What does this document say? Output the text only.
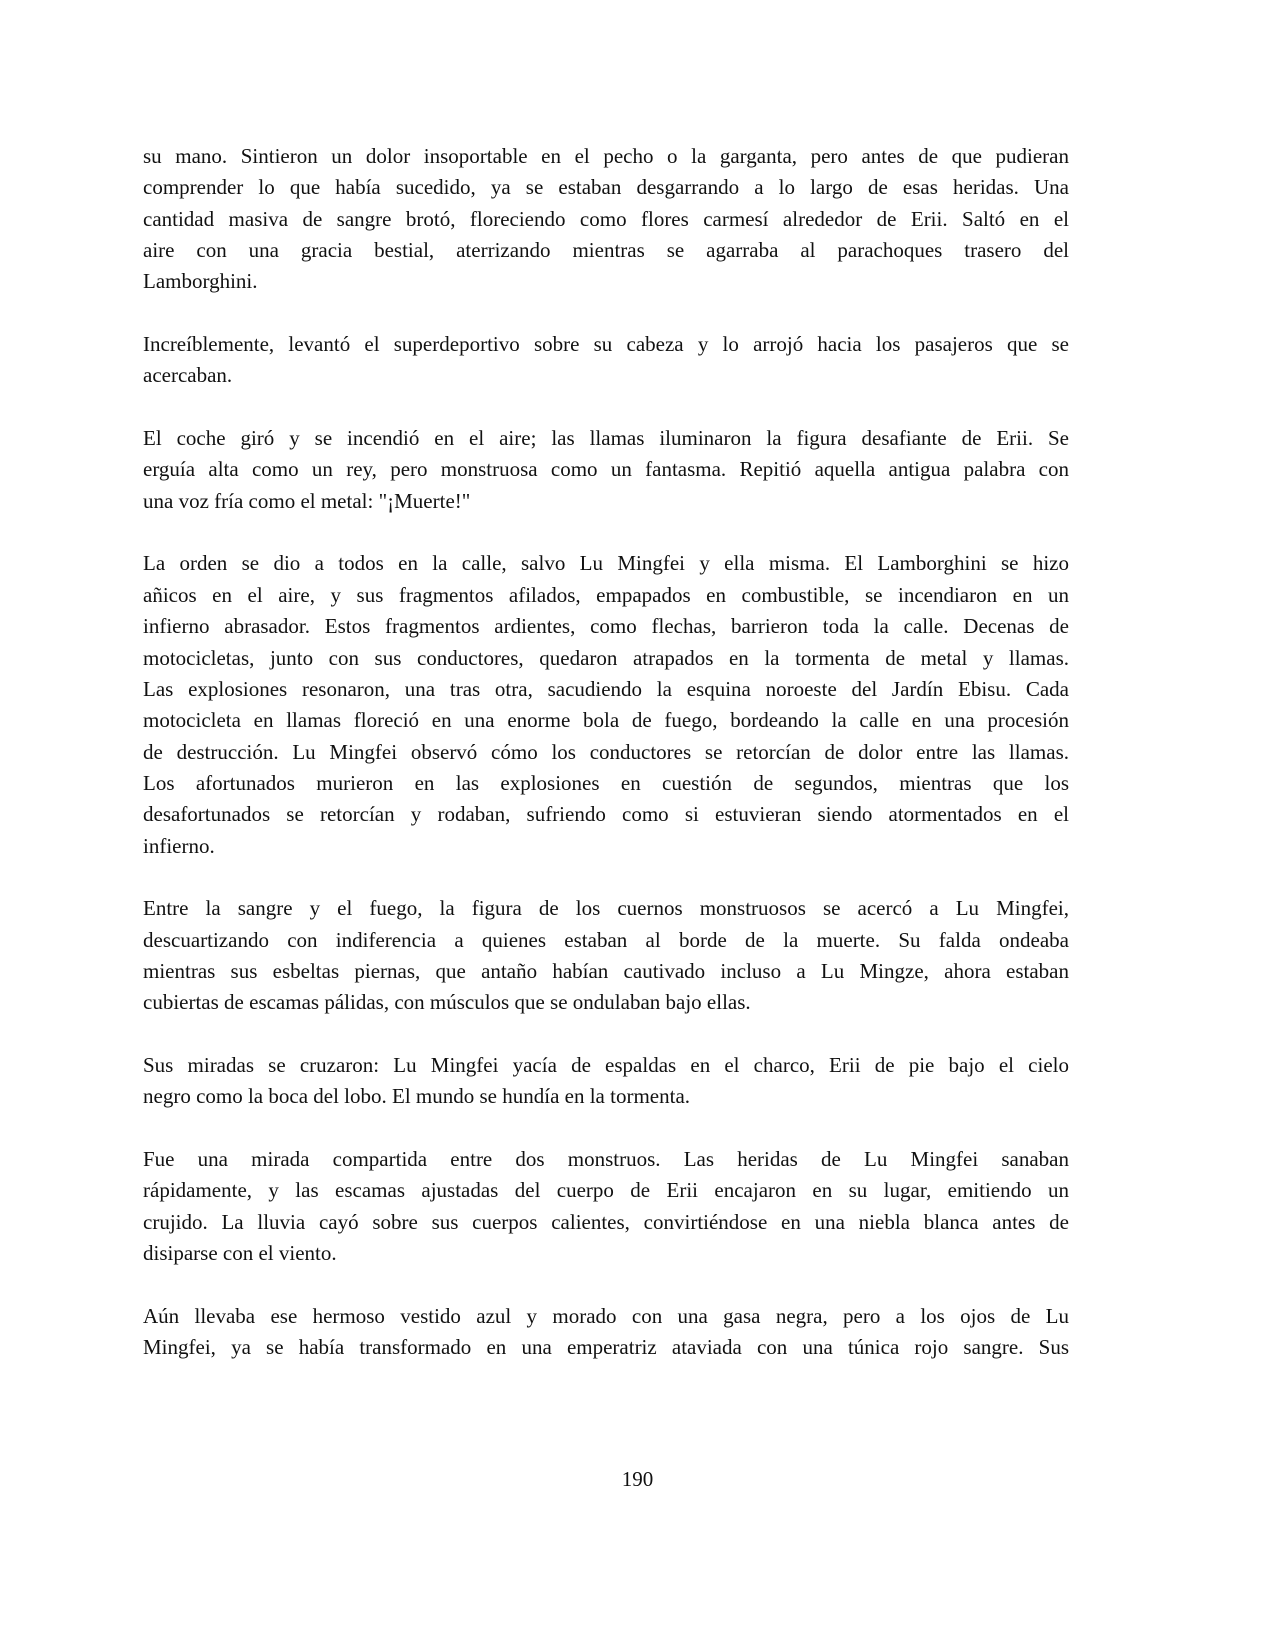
su mano. Sintieron un dolor insoportable en el pecho o la garganta, pero antes de que pudieran
comprender lo que había sucedido, ya se estaban desgarrando a lo largo de esas heridas. Una
cantidad masiva de sangre brotó, floreciendo como flores carmesí alrededor de Erii. Saltó en el
aire con una gracia bestial, aterrizando mientras se agarraba al parachoques trasero del
Lamborghini.
Increíblemente, levantó el superdeportivo sobre su cabeza y lo arrojó hacia los pasajeros que se
acercaban.
El coche giró y se incendió en el aire; las llamas iluminaron la figura desafiante de Erii. Se
erguía alta como un rey, pero monstruosa como un fantasma. Repitió aquella antigua palabra con
una voz fría como el metal: "¡Muerte!"
La orden se dio a todos en la calle, salvo Lu Mingfei y ella misma. El Lamborghini se hizo
añicos en el aire, y sus fragmentos afilados, empapados en combustible, se incendiaron en un
infierno abrasador. Estos fragmentos ardientes, como flechas, barrieron toda la calle. Decenas de
motocicletas, junto con sus conductores, quedaron atrapados en la tormenta de metal y llamas.
Las explosiones resonaron, una tras otra, sacudiendo la esquina noroeste del Jardín Ebisu. Cada
motocicleta en llamas floreció en una enorme bola de fuego, bordeando la calle en una procesión
de destrucción. Lu Mingfei observó cómo los conductores se retorcían de dolor entre las llamas.
Los afortunados murieron en las explosiones en cuestión de segundos, mientras que los
desafortunados se retorcían y rodaban, sufriendo como si estuvieran siendo atormentados en el
infierno.
Entre la sangre y el fuego, la figura de los cuernos monstruosos se acercó a Lu Mingfei,
descuartizando con indiferencia a quienes estaban al borde de la muerte. Su falda ondeaba
mientras sus esbeltas piernas, que antaño habían cautivado incluso a Lu Mingze, ahora estaban
cubiertas de escamas pálidas, con músculos que se ondulaban bajo ellas.
Sus miradas se cruzaron: Lu Mingfei yacía de espaldas en el charco, Erii de pie bajo el cielo
negro como la boca del lobo. El mundo se hundía en la tormenta.
Fue una mirada compartida entre dos monstruos. Las heridas de Lu Mingfei sanaban
rápidamente, y las escamas ajustadas del cuerpo de Erii encajaron en su lugar, emitiendo un
crujido. La lluvia cayó sobre sus cuerpos calientes, convirtiéndose en una niebla blanca antes de
disiparse con el viento.
Aún llevaba ese hermoso vestido azul y morado con una gasa negra, pero a los ojos de Lu
Mingfei, ya se había transformado en una emperatriz ataviada con una túnica rojo sangre. Sus
190
